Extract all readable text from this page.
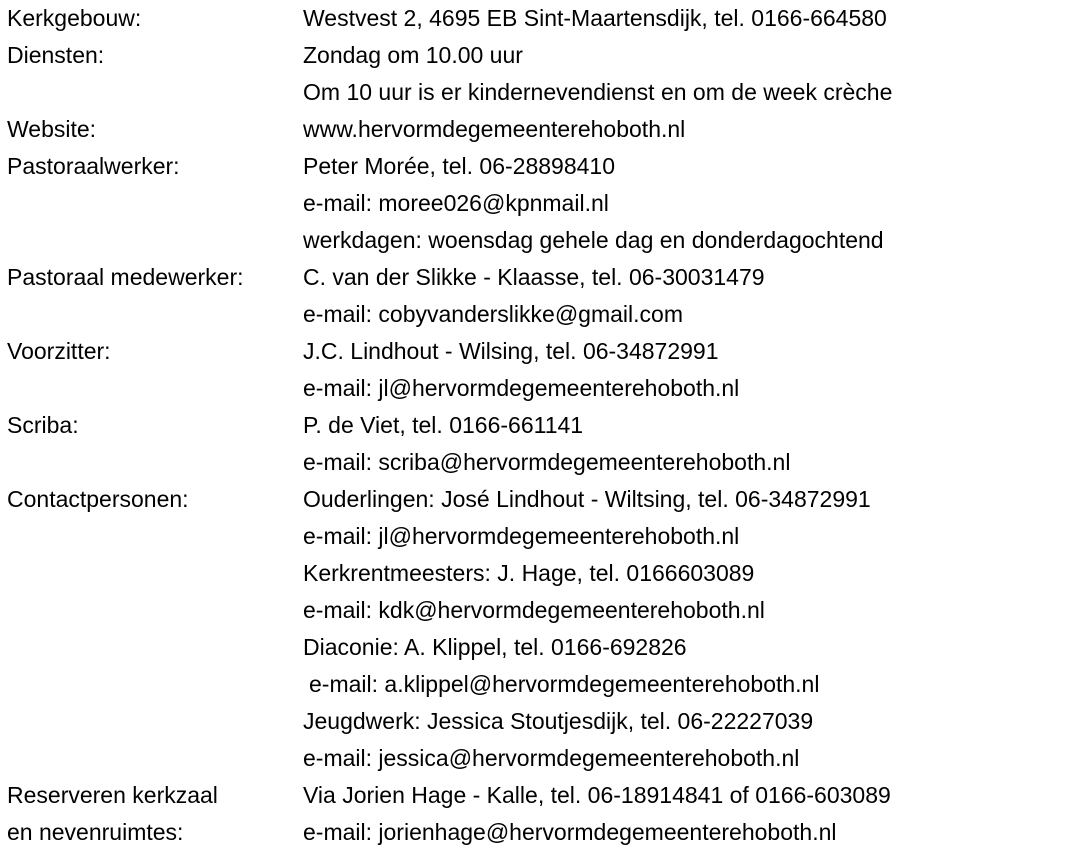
Kerkgebouw:	Westvest 2, 4695 EB Sint-Maartensdijk, tel. 0166-664580
Diensten:	Zondag om 10.00 uur
Om 10 uur is er kindernevendienst en om de week crèche
Website:	www.hervormdegemeenterehoboth.nl
Pastoraalwerker:	Peter Morée, tel. 06-28898410
e-mail: moree026@kpnmail.nl
werkdagen: woensdag gehele dag en donderdagochtend
Pastoraal medewerker:	C. van der Slikke - Klaasse, tel. 06-30031479
e-mail: cobyvanderslikke@gmail.com
Voorzitter:	J.C. Lindhout - Wilsing, tel. 06-34872991
e-mail: jl@hervormdegemeenterehoboth.nl
Scriba:	P. de Viet, tel. 0166-661141
e-mail: scriba@hervormdegemeenterehoboth.nl
Contactpersonen:	Ouderlingen: José Lindhout - Wiltsing, tel. 06-34872991
e-mail: jl@hervormdegemeenterehoboth.nl
Kerkrentmeesters: J. Hage, tel. 0166603089
e-mail: kdk@hervormdegemeenterehoboth.nl
Diaconie: A. Klippel, tel. 0166-692826
e-mail: a.klippel@hervormdegemeenterehoboth.nl
Jeugdwerk: Jessica Stoutjesdijk, tel. 06-22227039
e-mail: jessica@hervormdegemeenterehoboth.nl
Reserveren kerkzaal	Via Jorien Hage - Kalle, tel. 06-18914841 of 0166-603089
en nevenruimtes:	e-mail: jorienhage@hervormdegemeenterehoboth.nl
